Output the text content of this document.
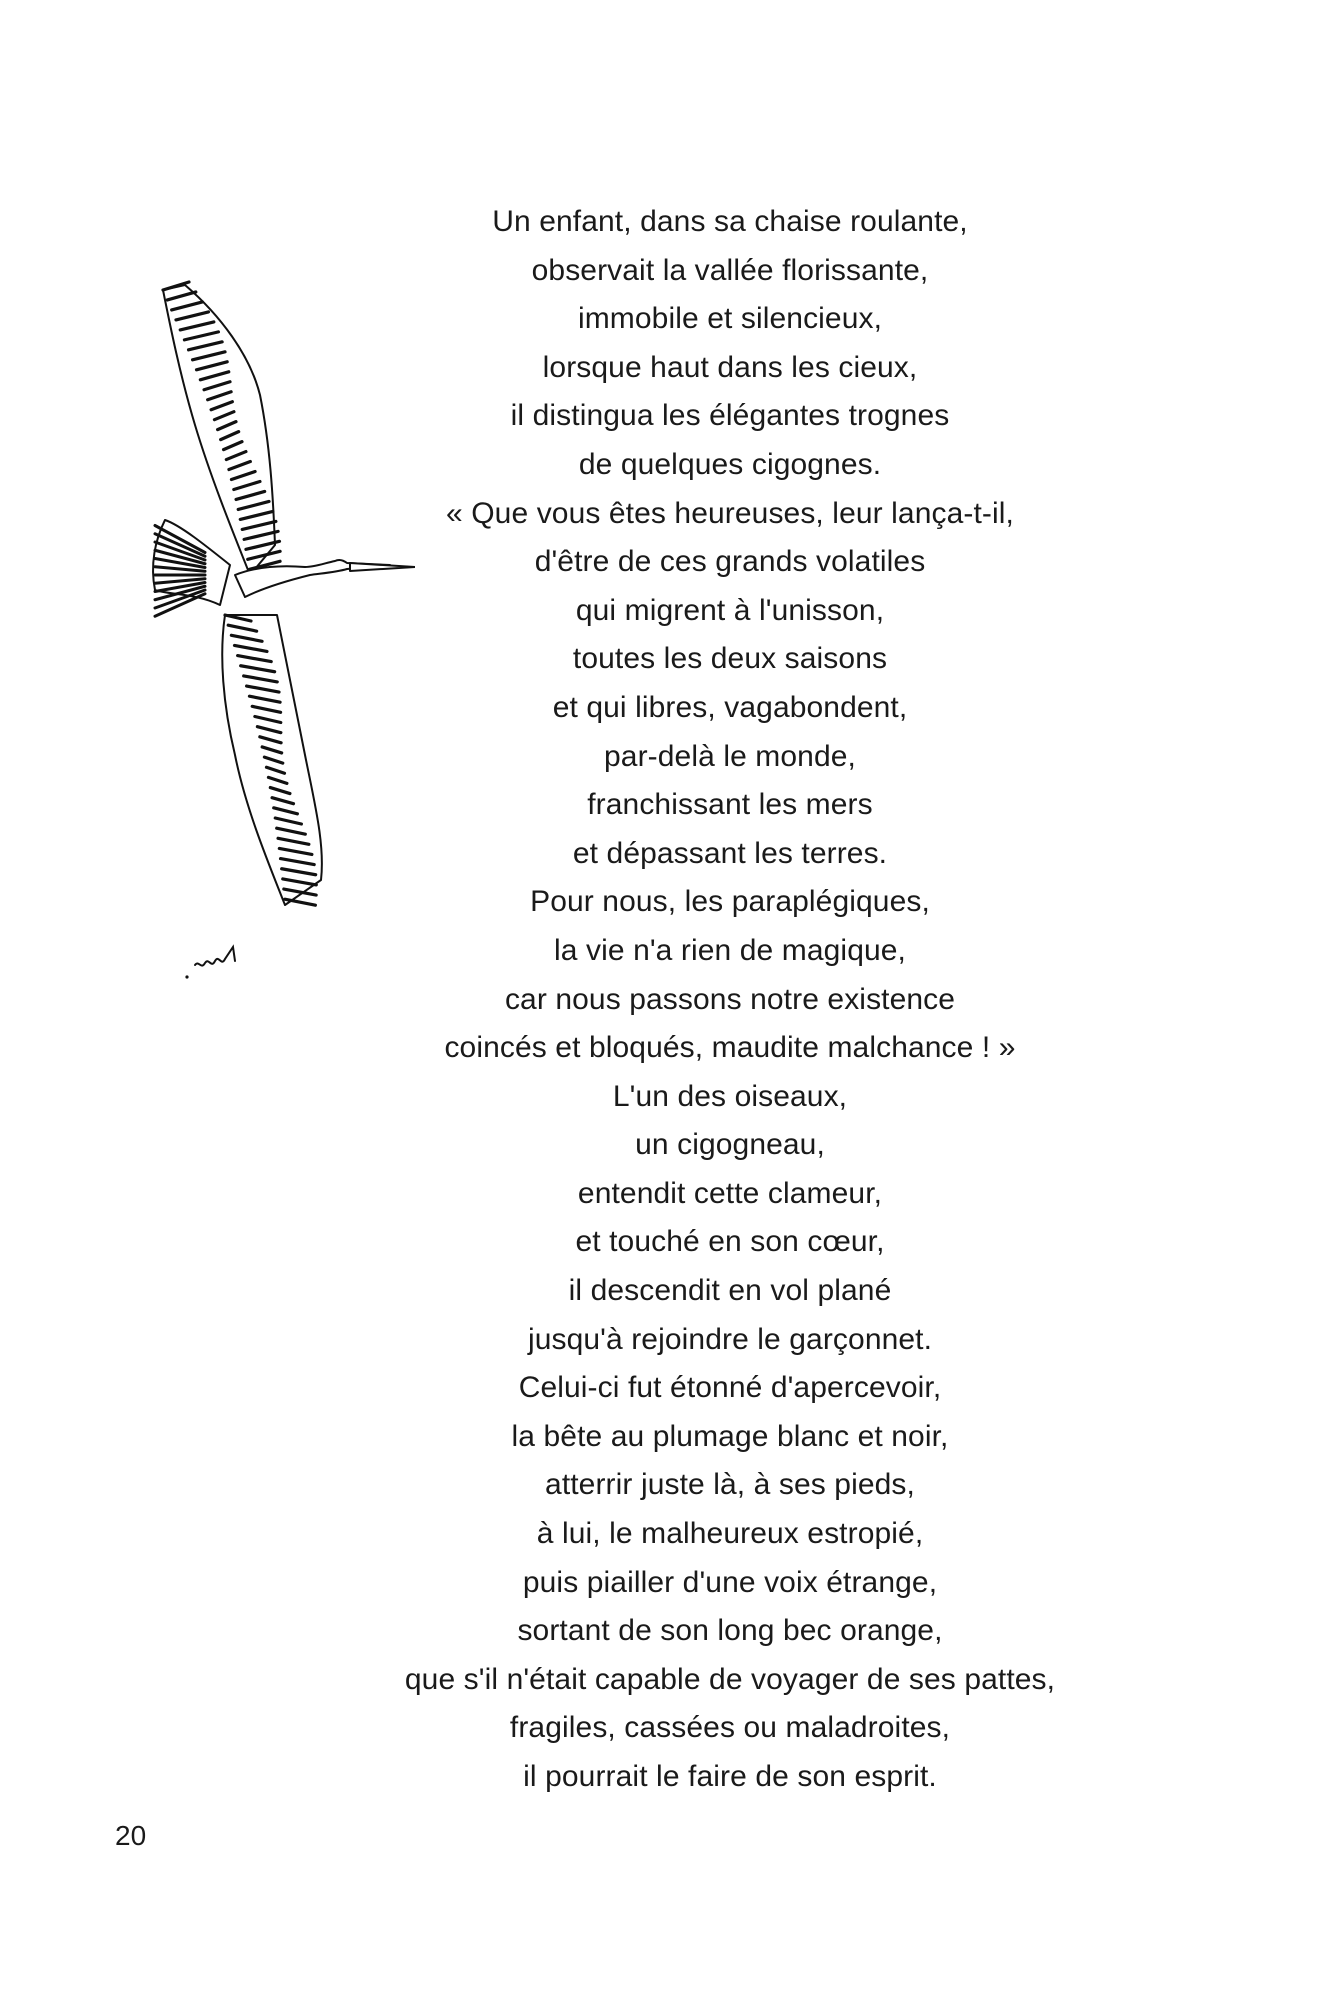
Un enfant, dans sa chaise roulante,
observait la vallée florissante,
immobile et silencieux,
lorsque haut dans les cieux,
il distingua les élégantes trognes
de quelques cigognes.
« Que vous êtes heureuses, leur lança-t-il,
d'être de ces grands volatiles
qui migrent à l'unisson,
toutes les deux saisons
et qui libres, vagabondent,
par-delà le monde,
franchissant les mers
et dépassant les terres.
Pour nous, les paraplégiques,
la vie n'a rien de magique,
car nous passons notre existence
coincés et bloqués, maudite malchance ! »
L'un des oiseaux,
un cigogneau,
entendit cette clameur,
et touché en son cœur,
il descendit en vol plané
jusqu'à rejoindre le garçonnet.
Celui-ci fut étonné d'apercevoir,
la bête au plumage blanc et noir,
atterrir juste là, à ses pieds,
à lui, le malheureux estropié,
puis piailler d'une voix étrange,
sortant de son long bec orange,
que s'il n'était capable de voyager de ses pattes,
fragiles, cassées ou maladroites,
il pourrait le faire de son esprit.
20
